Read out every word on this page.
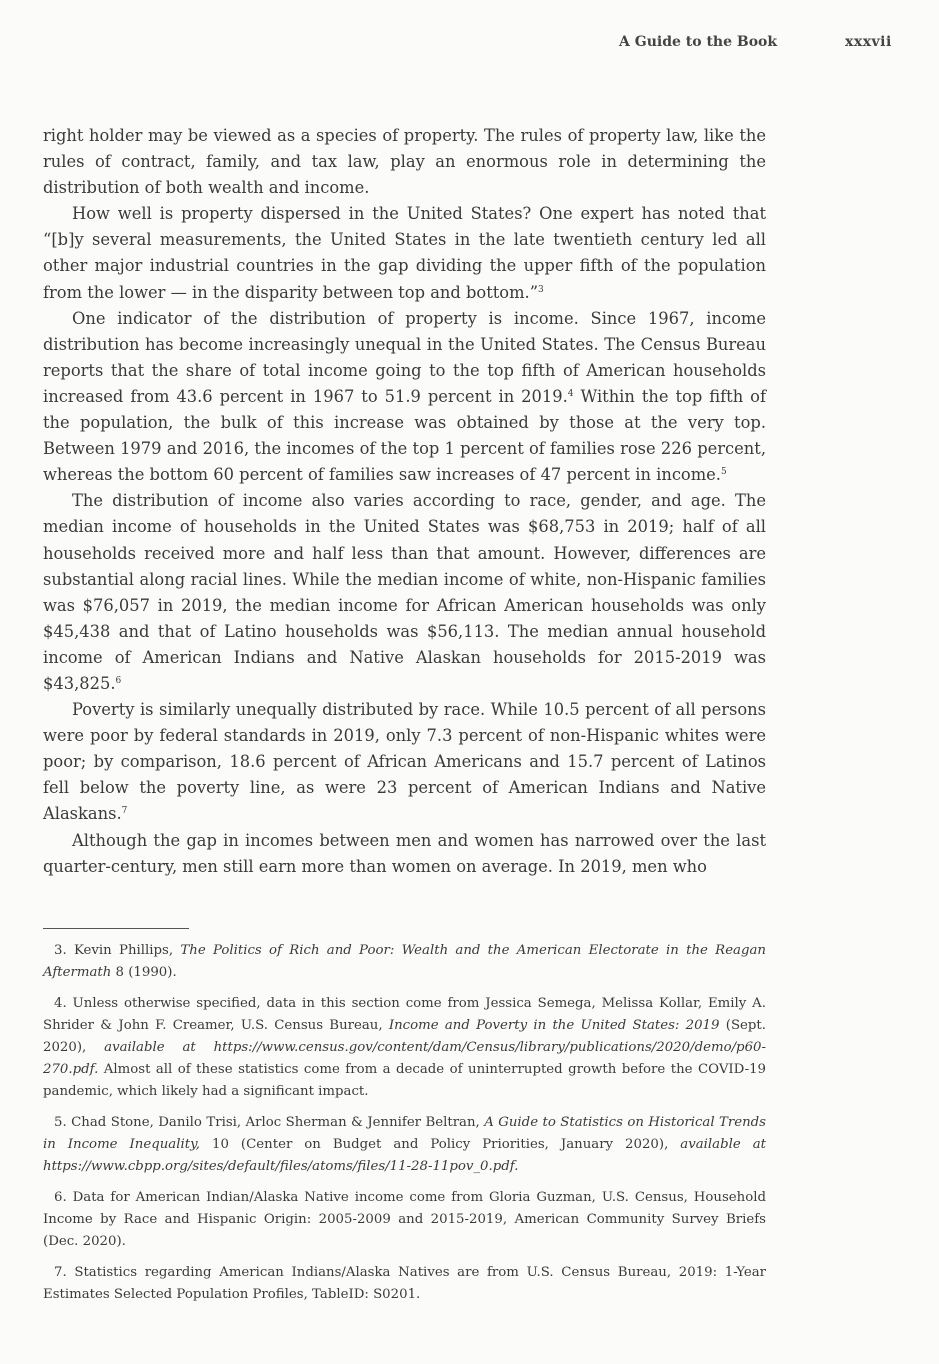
A Guide to the Book	xxxvii

right holder may be viewed as a species of property. The rules of property law, like the rules of contract, family, and tax law, play an enormous role in determining the distribution of both wealth and income.

How well is property dispersed in the United States? One expert has noted that “[b]y several measurements, the United States in the late twentieth century led all other major industrial countries in the gap dividing the upper fifth of the population from the lower — in the disparity between top and bottom.”$^3$

One indicator of the distribution of property is income. Since 1967, income distribution has become increasingly unequal in the United States. The Census Bureau reports that the share of total income going to the top fifth of American households increased from 43.6 percent in 1967 to 51.9 percent in 2019.$^4$ Within the top fifth of the population, the bulk of this increase was obtained by those at the very top. Between 1979 and 2016, the incomes of the top 1 percent of families rose 226 percent, whereas the bottom 60 percent of families saw increases of 47 percent in income.$^5$

The distribution of income also varies according to race, gender, and age. The median income of households in the United States was $68,753 in 2019; half of all households received more and half less than that amount. However, differences are substantial along racial lines. While the median income of white, non-Hispanic families was $76,057 in 2019, the median income for African American households was only $45,438 and that of Latino households was $56,113. The median annual household income of American Indians and Native Alaskan households for 2015-2019 was $43,825.$^6$

Poverty is similarly unequally distributed by race. While 10.5 percent of all persons were poor by federal standards in 2019, only 7.3 percent of non-Hispanic whites were poor; by comparison, 18.6 percent of African Americans and 15.7 percent of Latinos fell below the poverty line, as were 23 percent of American Indians and Native Alaskans.$^7$

Although the gap in incomes between men and women has narrowed over the last quarter-century, men still earn more than women on average. In 2019, men who

3. Kevin Phillips, The Politics of Rich and Poor: Wealth and the American Electorate in the Reagan Aftermath 8 (1990).

4. Unless otherwise specified, data in this section come from Jessica Semega, Melissa Kollar, Emily A. Shrider & John F. Creamer, U.S. Census Bureau, Income and Poverty in the United States: 2019 (Sept. 2020), available at https://www.census.gov/content/dam/Census/library/publications/2020/demo/p60-270.pdf. Almost all of these statistics come from a decade of uninterrupted growth before the COVID-19 pandemic, which likely had a significant impact.

5. Chad Stone, Danilo Trisi, Arloc Sherman & Jennifer Beltran, A Guide to Statistics on Historical Trends in Income Inequality, 10 (Center on Budget and Policy Priorities, January 2020), available at https://www.cbpp.org/sites/default/files/atoms/files/11-28-11pov_0.pdf.

6. Data for American Indian/Alaska Native income come from Gloria Guzman, U.S. Census, Household Income by Race and Hispanic Origin: 2005-2009 and 2015-2019, American Community Survey Briefs (Dec. 2020).

7. Statistics regarding American Indians/Alaska Natives are from U.S. Census Bureau, 2019: 1-Year Estimates Selected Population Profiles, TableID: S0201.
